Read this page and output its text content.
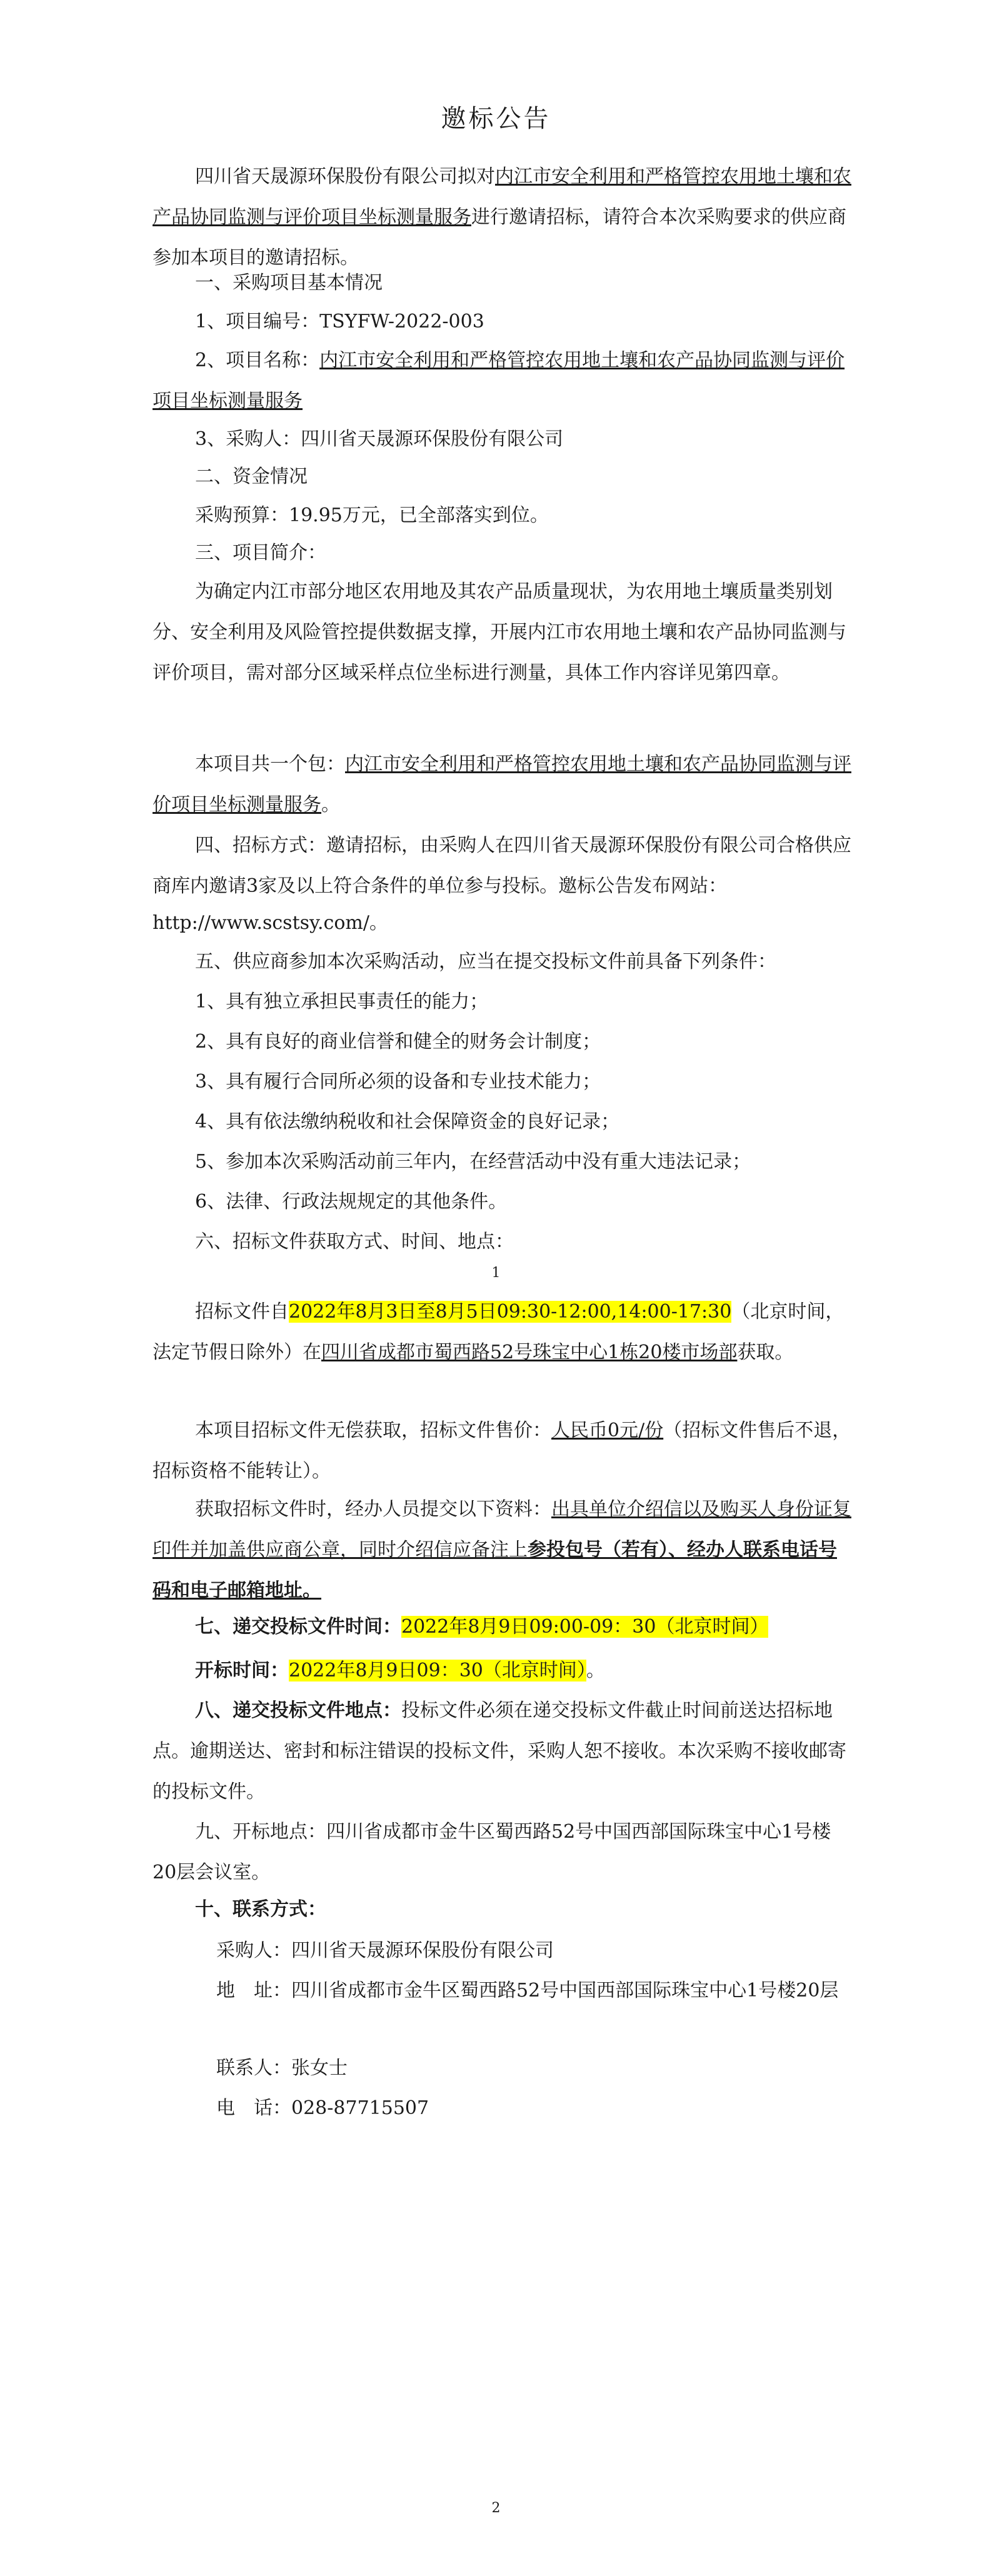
邀标公告

四川省天晟源环保股份有限公司拟对内江市安全利用和严格管控农用地土壤和农产品协同监测与评价项目坐标测量服务进行邀请招标，请符合本次采购要求的供应商参加本项目的邀请招标。

一、采购项目基本情况

1、项目编号：TSYFW-2022-003

2、项目名称：内江市安全利用和严格管控农用地土壤和农产品协同监测与评价项目坐标测量服务

3、采购人：四川省天晟源环保股份有限公司

二、资金情况

采购预算：19.95万元，已全部落实到位。

三、项目简介：

为确定内江市部分地区农用地及其农产品质量现状，为农用地土壤质量类别划分、安全利用及风险管控提供数据支撑，开展内江市农用地土壤和农产品协同监测与评价项目，需对部分区域采样点位坐标进行测量，具体工作内容详见第四章。

本项目共一个包：内江市安全利用和严格管控农用地土壤和农产品协同监测与评价项目坐标测量服务。

四、招标方式：邀请招标，由采购人在四川省天晟源环保股份有限公司合格供应商库内邀请3家及以上符合条件的单位参与投标。邀标公告发布网站：

http://www.scstsy.com/。

五、供应商参加本次采购活动，应当在提交投标文件前具备下列条件：

1、具有独立承担民事责任的能力；

2、具有良好的商业信誉和健全的财务会计制度；

3、具有履行合同所必须的设备和专业技术能力；

4、具有依法缴纳税收和社会保障资金的良好记录；

5、参加本次采购活动前三年内，在经营活动中没有重大违法记录；

6、法律、行政法规规定的其他条件。

六、招标文件获取方式、时间、地点：

1

招标文件自2022年8月3日至8月5日09:30-12:00,14:00-17:30（北京时间，法定节假日除外）在四川省成都市蜀西路52号珠宝中心1栋20楼市场部获取。

本项目招标文件无偿获取，招标文件售价：人民币0元/份（招标文件售后不退，招标资格不能转让）。

获取招标文件时，经办人员提交以下资料：出具单位介绍信以及购买人身份证复印件并加盖供应商公章，同时介绍信应备注上参投包号（若有）、经办人联系电话号码和电子邮箱地址。

七、递交投标文件时间：2022年8月9日09:00-09：30（北京时间）

开标时间：2022年8月9日09：30（北京时间）。

八、递交投标文件地点：投标文件必须在递交投标文件截止时间前送达招标地点。逾期送达、密封和标注错误的投标文件，采购人恕不接收。本次采购不接收邮寄的投标文件。

九、开标地点：四川省成都市金牛区蜀西路52号中国西部国际珠宝中心1号楼20层会议室。

十、联系方式：

采购人：四川省天晟源环保股份有限公司

地　址：四川省成都市金牛区蜀西路52号中国西部国际珠宝中心1号楼20层

联系人：张女士

电　话：028-87715507

2
